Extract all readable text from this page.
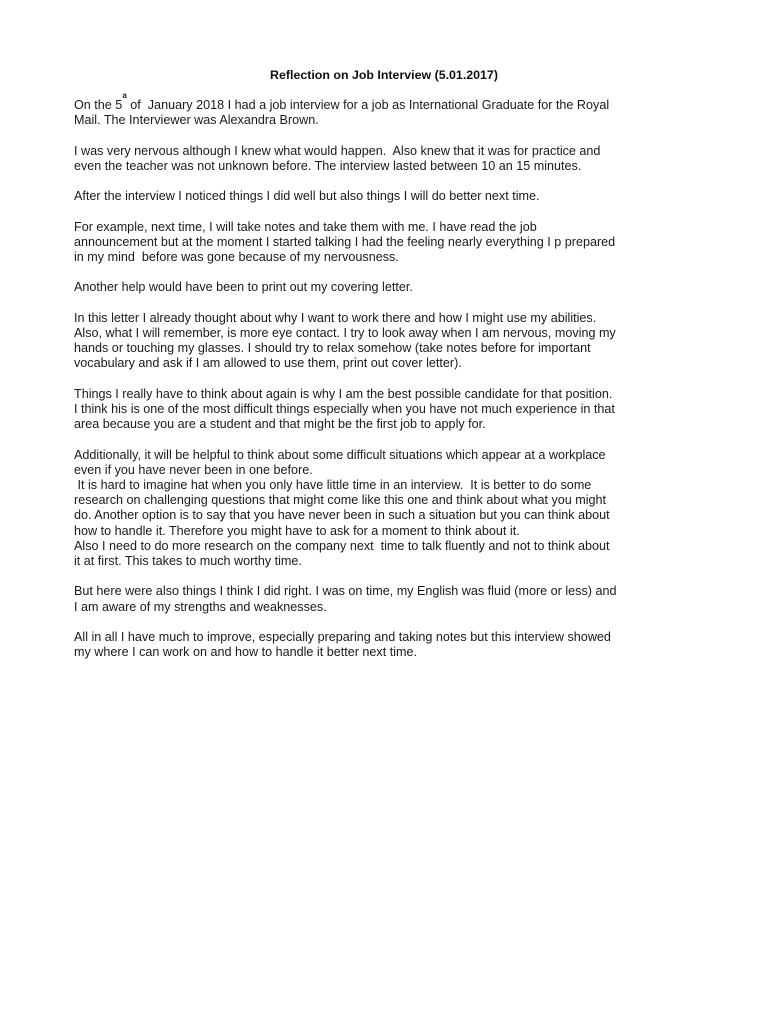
Reflection on Job Interview (5.01.2017)

On the 5$^a$ of  January 2018 I had a job interview for a job as International Graduate for the Royal
Mail. The Interviewer was Alexandra Brown.

I was very nervous although I knew what would happen.  Also knew that it was for practice and
even the teacher was not unknown before. The interview lasted between 10 an 15 minutes.

After the interview I noticed things I did well but also things I will do better next time.

For example, next time, I will take notes and take them with me. I have read the job
announcement but at the moment I started talking I had the feeling nearly everything I p prepared
in my mind  before was gone because of my nervousness.

Another help would have been to print out my covering letter.

In this letter I already thought about why I want to work there and how I might use my abilities.
Also, what I will remember, is more eye contact. I try to look away when I am nervous, moving my
hands or touching my glasses. I should try to relax somehow (take notes before for important
vocabulary and ask if I am allowed to use them, print out cover letter).

Things I really have to think about again is why I am the best possible candidate for that position.
I think his is one of the most difficult things especially when you have not much experience in that
area because you are a student and that might be the first job to apply for.

Additionally, it will be helpful to think about some difficult situations which appear at a workplace
even if you have never been in one before.
It is hard to imagine hat when you only have little time in an interview.  It is better to do some
research on challenging questions that might come like this one and think about what you might
do. Another option is to say that you have never been in such a situation but you can think about
how to handle it. Therefore you might have to ask for a moment to think about it.
Also I need to do more research on the company next  time to talk fluently and not to think about
it at first. This takes to much worthy time.

But here were also things I think I did right. I was on time, my English was fluid (more or less) and
I am aware of my strengths and weaknesses.

All in all I have much to improve, especially preparing and taking notes but this interview showed
my where I can work on and how to handle it better next time.
